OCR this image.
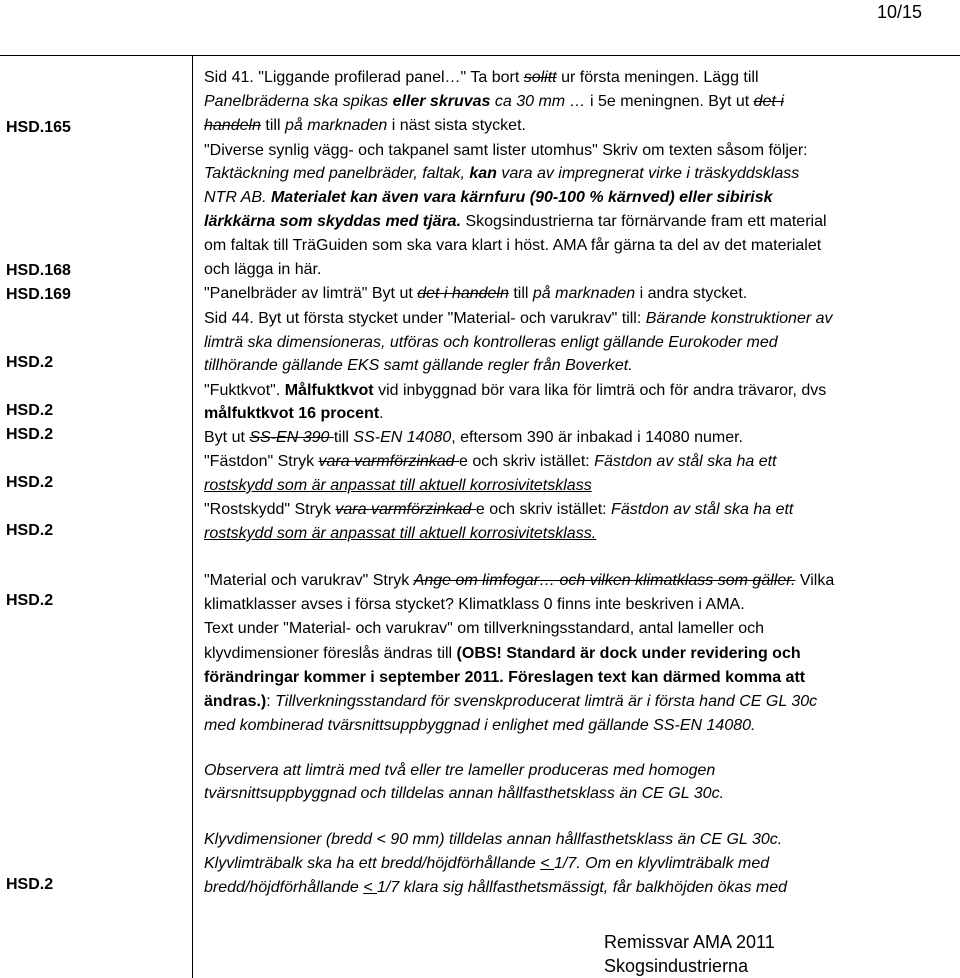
10/15
HSD.165
HSD.168
HSD.169
HSD.2
HSD.2
HSD.2
HSD.2
HSD.2
HSD.2
HSD.2
Sid 41. "Liggande profilerad panel…" Ta bort solitt ur första meningen. Lägg till
Panelbräderna ska spikas eller skruvas ca 30 mm … i 5e meningnen. Byt ut det i
handeln till på marknaden i näst sista stycket.
"Diverse synlig vägg- och takpanel samt lister utomhus" Skriv om texten såsom följer:
Taktäckning med panelbräder, faltak, kan vara av impregnerat virke i träskyddsklass
NTR AB. Materialet kan även vara kärnfuru (90-100 % kärnved) eller sibirisk
lärkkärna som skyddas med tjära. Skogsindustrierna tar förnärvande fram ett material
om faltak till TräGuiden som ska vara klart i höst. AMA får gärna ta del av det materialet
och lägga in här.
"Panelbräder av limträ" Byt ut det i handeln till på marknaden i andra stycket.
Sid 44. Byt ut första stycket under "Material- och varukrav" till: Bärande konstruktioner av
limträ ska dimensioneras, utföras och kontrolleras enligt gällande Eurokoder med
tillhörande gällande EKS samt gällande regler från Boverket.
"Fuktkvot". Målfuktkvot vid inbyggnad bör vara lika för limträ och för andra trävaror, dvs
målfuktkvot 16 procent.
Byt ut SS-EN 390 till SS-EN 14080, eftersom 390 är inbakad i 14080 numer.
"Fästdon" Stryk vara varmförzinkad e och skriv istället: Fästdon av stål ska ha ett
rostskydd som är anpassat till aktuell korrosivitetsklass
"Rostskydd" Stryk vara varmförzinkad e och skriv istället: Fästdon av stål ska ha ett
rostskydd som är anpassat till aktuell korrosivitetsklass.
"Material och varukrav" Stryk Ange om limfogar… och vilken klimatklass som gäller. Vilka
klimatklasser avses i försa stycket? Klimatklass 0 finns inte beskriven i AMA.
Text under "Material- och varukrav" om tillverkningsstandard, antal lameller och
klyvdimensioner föreslås ändras till (OBS! Standard är dock under revidering och
förändringar kommer i september 2011. Föreslagen text kan därmed komma att
ändras.): Tillverkningsstandard för svenskproducerat limträ är i första hand CE GL 30c
med kombinerad tvärsnittsuppbyggnad i enlighet med gällande SS-EN 14080.
Observera att limträ med två eller tre lameller produceras med homogen
tvärsnittsuppbyggnad och tilldelas annan hållfasthetsklass än CE GL 30c.
Klyvdimensioner (bredd < 90 mm) tilldelas annan hållfasthetsklass än CE GL 30c.
Klyvlimträbalk ska ha ett bredd/höjdförhållande < 1/7. Om en klyvlimträbalk med
bredd/höjdförhållande < 1/7 klara sig hållfasthetsmässigt, får balkhöjden ökas med
Remissvar AMA 2011
Skogsindustrierna
